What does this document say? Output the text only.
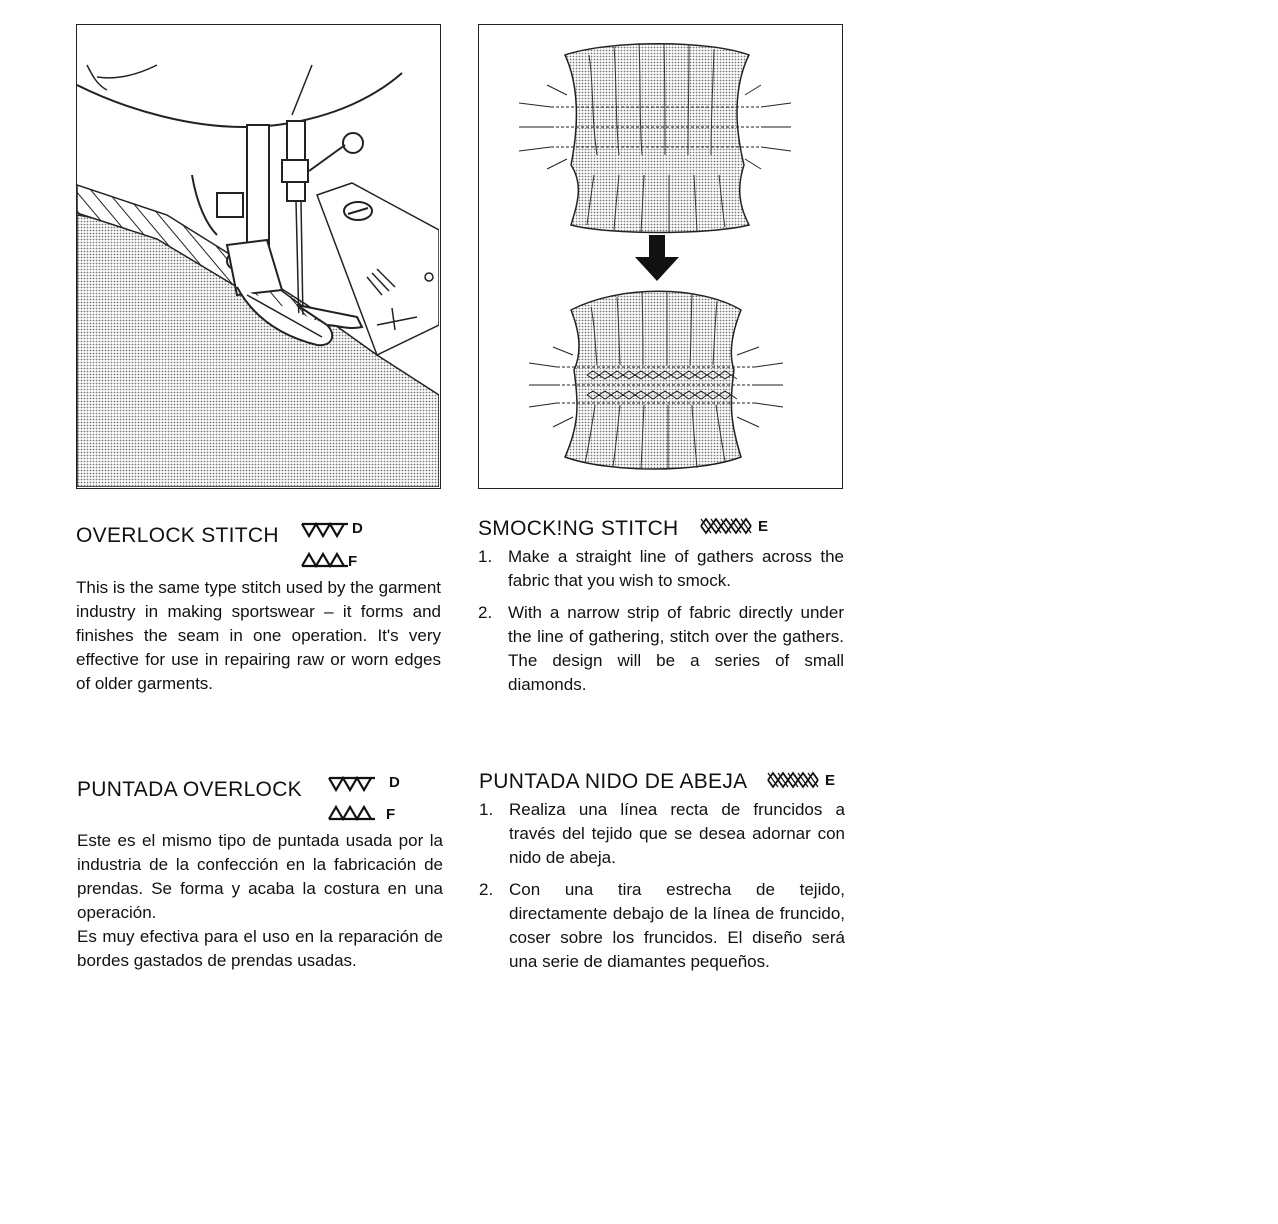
OVERLOCK STITCH	D
F
This is the same type stitch used by the garment industry in making sportswear – it forms and finishes the seam in one operation. It's very effective for use in repairing raw or worn edges of older garments.
SMOCK!NG STITCH	E
1. Make a straight line of gathers across the fabric that you wish to smock.
2. With a narrow strip of fabric directly under the line of gathering, stitch over the gathers. The design will be a series of small diamonds.
PUNTADA OVERLOCK	D
F
Este es el mismo tipo de puntada usada por la industria de la confección en la fabricación de prendas. Se forma y acaba la costura en una operación.
Es muy efectiva para el uso en la reparación de bordes gastados de prendas usadas.
PUNTADA NIDO DE ABEJA	E
1. Realiza una línea recta de fruncidos a través del tejido que se desea adornar con nido de abeja.
2. Con una tira estrecha de tejido, directamente debajo de la línea de fruncido, coser sobre los fruncidos. El diseño será una serie de diamantes pequeños.
